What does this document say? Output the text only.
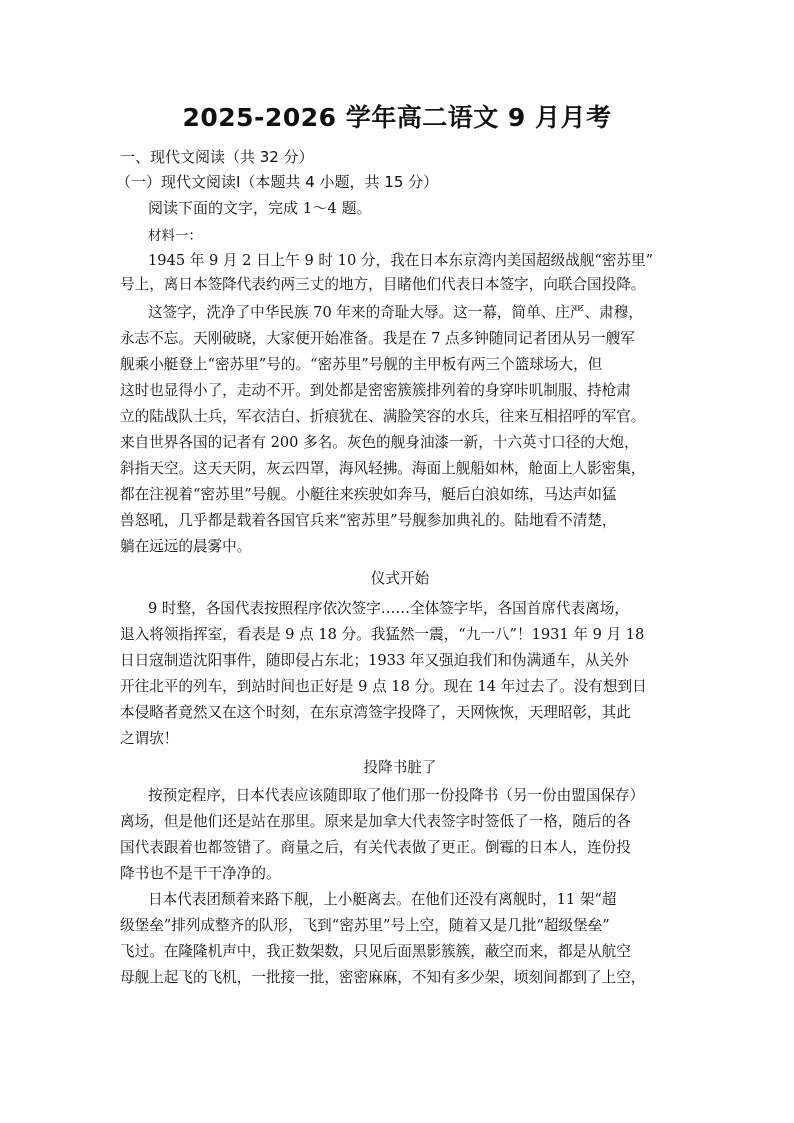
2025-2026 学年高二语文 9 月月考
一、现代文阅读（共 32 分）
（一）现代文阅读Ⅰ（本题共 4 小题，共 15 分）
阅读下面的文字，完成 1～4 题。
材料一：
1945 年 9 月 2 日上午 9 时 10 分，我在日本东京湾内美国超级战舰“密苏里”
号上，离日本签降代表约两三丈的地方，目睹他们代表日本签字，向联合国投降。
这签字，洗净了中华民族 70 年来的奇耻大辱。这一幕，简单、庄严、肃穆，
永志不忘。天刚破晓，大家便开始准备。我是在 7 点多钟随同记者团从另一艘军
舰乘小艇登上“密苏里”号的。“密苏里”号舰的主甲板有两三个篮球场大，但
这时也显得小了，走动不开。到处都是密密簇簇排列着的身穿咔叽制服、持枪肃
立的陆战队士兵，军衣洁白、折痕犹在、满脸笑容的水兵，往来互相招呼的军官。
来自世界各国的记者有 200 多名。灰色的舰身油漆一新，十六英寸口径的大炮，
斜指天空。这天天阴，灰云四罩，海风轻拂。海面上舰船如林，舱面上人影密集，
都在注视着“密苏里”号舰。小艇往来疾驶如奔马，艇后白浪如练，马达声如猛
兽怒吼，几乎都是载着各国官兵来“密苏里”号舰参加典礼的。陆地看不清楚，
躺在远远的晨雾中。
仪式开始
9 时整，各国代表按照程序依次签字……全体签字毕，各国首席代表离场，
退入将领指挥室，看表是 9 点 18 分。我猛然一震，“九一八”！1931 年 9 月 18
日日寇制造沈阳事件，随即侵占东北；1933 年又强迫我们和伪满通车，从关外
开往北平的列车，到站时间也正好是 9 点 18 分。现在 14 年过去了。没有想到日
本侵略者竟然又在这个时刻，在东京湾签字投降了，天网恢恢，天理昭彰，其此
之谓欤！
投降书脏了
按预定程序，日本代表应该随即取了他们那一份投降书（另一份由盟国保存）
离场，但是他们还是站在那里。原来是加拿大代表签字时签低了一格，随后的各
国代表跟着也都签错了。商量之后，有关代表做了更正。倒霉的日本人，连份投
降书也不是干干净净的。
日本代表团颓着来路下舰，上小艇离去。在他们还没有离舰时，11 架“超
级堡垒”排列成整齐的队形，飞到“密苏里”号上空，随着又是几批“超级堡垒”
飞过。在隆隆机声中，我正数架数，只见后面黑影簇簇，蔽空而来，都是从航空
母舰上起飞的飞机，一批接一批，密密麻麻，不知有多少架，顷刻间都到了上空，
